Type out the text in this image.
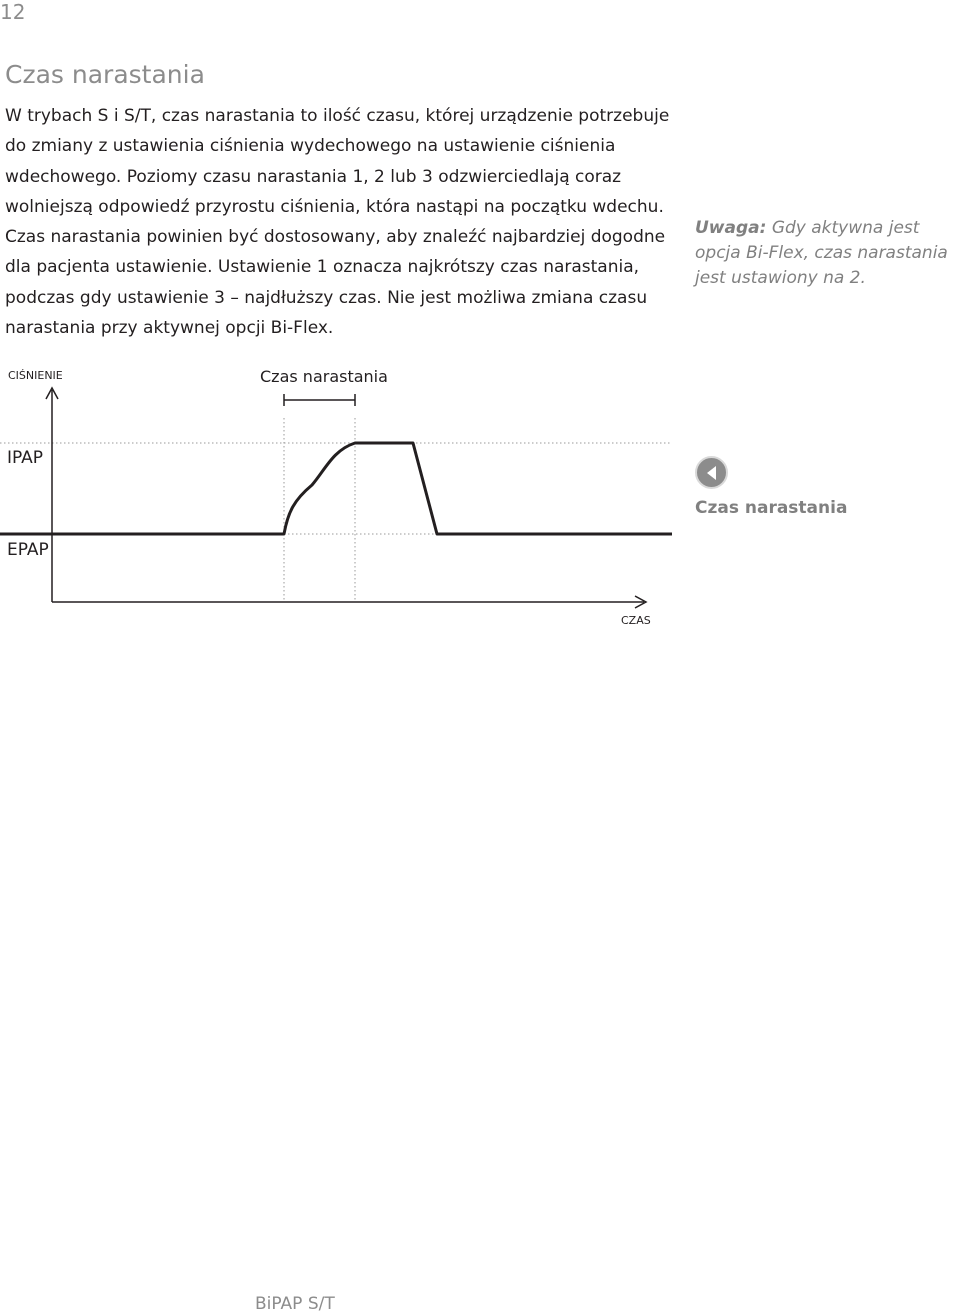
12
Czas narastania

W trybach S i S/T, czas narastania to ilość czasu, której urządzenie potrzebuje do zmiany z ustawienia ciśnienia wydechowego na ustawienie ciśnienia wdechowego. Poziomy czasu narastania 1, 2 lub 3 odzwierciedlają coraz wolniejszą odpowiedź przyrostu ciśnienia, która nastąpi na początku wdechu. Czas narastania powinien być dostosowany, aby znaleźć najbardziej dogodne dla pacjenta ustawienie. Ustawienie 1 oznacza najkrótszy czas narastania, podczas gdy ustawienie 3 – najdłuższy czas. Nie jest możliwa zmiana czasu narastania przy aktywnej opcji Bi-Flex.

Uwaga: Gdy aktywna jest opcja Bi-Flex, czas narastania jest ustawiony na 2.

CIŚNIENIE	Czas narastania
IPAP
EPAP
CZAS

Czas narastania

BiPAP S/T
